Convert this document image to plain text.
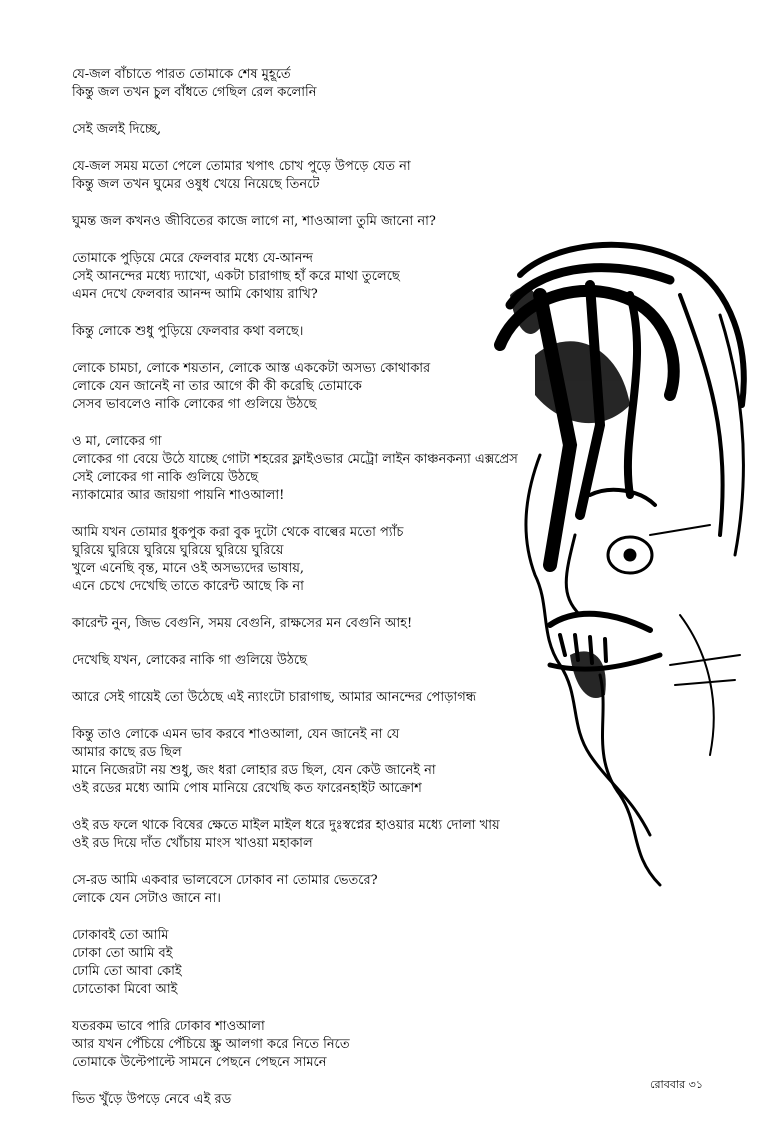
যে-জল বাঁচাতে পারত তোমাকে শেষ মুহূর্তে
কিন্তু জল তখন চুল বাঁধতে গেছিল রেল কলোনি
সেই জলই দিচ্ছে,
যে-জল সময় মতো পেলে তোমার খপাৎ চোখ পুড়ে উপড়ে যেত না
কিন্তু জল তখন ঘুমের ওষুধ খেয়ে নিয়েছে তিনটে
ঘুমন্ত জল কখনও জীবিতের কাজে লাগে না, শাওআলা তুমি জানো না?
তোমাকে পুড়িয়ে মেরে ফেলবার মধ্যে যে-আনন্দ
সেই আনন্দের মধ্যে দ্যাখো, একটা চারাগাছ হাঁ করে মাথা তুলেছে
এমন দেখে ফেলবার আনন্দ আমি কোথায় রাখি?
কিন্তু লোকে শুধু পুড়িয়ে ফেলবার কথা বলছে।
লোকে চামচা, লোকে শয়তান, লোকে আস্ত এককেটা অসভ্য কোথাকার
লোকে যেন জানেই না তার আগে কী কী করেছি তোমাকে
সেসব ভাবলেও নাকি লোকের গা গুলিয়ে উঠছে
ও মা, লোকের গা
লোকের গা বেয়ে উঠে যাচ্ছে গোটা শহরের ফ্লাইওভার মেট্রো লাইন কাঞ্চনকন্যা এক্সপ্রেস
সেই লোকের গা নাকি গুলিয়ে উঠছে
ন্যাকামোর আর জায়গা পায়নি শাওআলা!
আমি যখন তোমার ধুকপুক করা বুক দুটো থেকে বাল্বের মতো প্যাঁচ
ঘুরিয়ে ঘুরিয়ে ঘুরিয়ে ঘুরিয়ে ঘুরিয়ে ঘুরিয়ে
খুলে এনেছি বৃন্ত, মানে ওই অসভ্যদের ভাষায়,
এনে চেখে দেখেছি তাতে কারেন্ট আছে কি না
কারেন্ট নুন, জিভ বেগুনি, সময় বেগুনি, রাক্ষসের মন বেগুনি আহ!
দেখেছি যখন, লোকের নাকি গা গুলিয়ে উঠছে
আরে সেই গায়েই তো উঠেছে এই ন্যাংটো চারাগাছ, আমার আনন্দের পোড়াগন্ধ
কিন্তু তাও লোকে এমন ভাব করবে শাওআলা, যেন জানেই না যে
আমার কাছে রড ছিল
মানে নিজেরটা নয় শুধু, জং ধরা লোহার রড ছিল, যেন কেউ জানেই না
ওই রডের মধ্যে আমি পোষ মানিয়ে রেখেছি কত ফারেনহাইট আক্রোশ
ওই রড ফলে থাকে বিষের ক্ষেতে মাইল মাইল ধরে দুঃস্বপ্নের হাওয়ার মধ্যে দোলা খায়
ওই রড দিয়ে দাঁত খোঁচায় মাংস খাওয়া মহাকাল
সে-রড আমি একবার ভালবেসে ঢোকাব না তোমার ভেতরে?
লোকে যেন সেটাও জানে না।
ঢোকাবই তো আমি
ঢোকা তো আমি বই
ঢোমি তো আবা কোই
ঢোতোকা মিবো আই
যতরকম ভাবে পারি ঢোকাব শাওআলা
আর যখন পেঁচিয়ে পেঁচিয়ে স্ক্রু আলগা করে নিতে নিতে
তোমাকে উল্টেপাল্টে সামনে পেছনে পেছনে সামনে
ভিত খুঁড়ে উপড়ে নেবে এই রড
রোববার ৩১
